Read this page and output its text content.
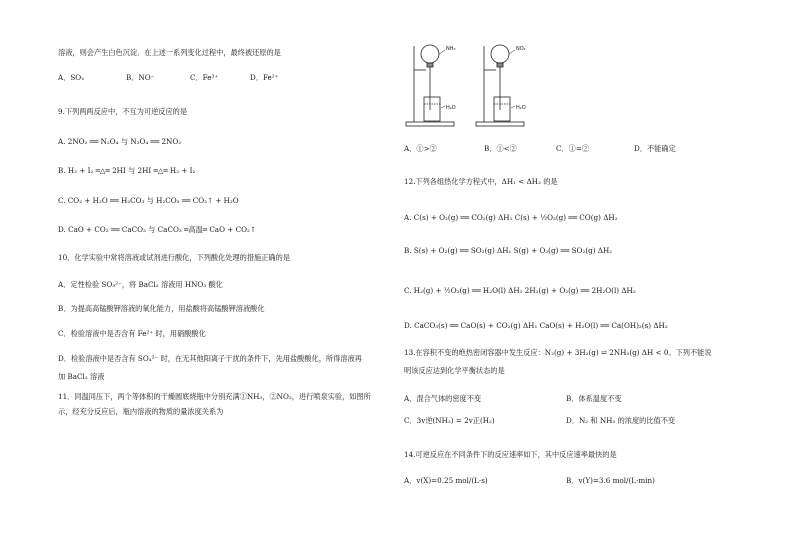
溶液，则会产生白色沉淀．在上述一系列变化过程中，最终被还原的是
A．SO₂	B．NO⁻	C．Fe³⁺	D．Fe²⁺
9.下列两两反应中，不互为可逆反应的是
A. 2NO₂ ══ N₂O₄ 与 N₂O₄ ══ 2NO₂
B. H₂ + I₂ ═△═ 2HI 与 2HI ═△═ H₂ + I₂
C. CO₂ + H₂O ══ H₂CO₃ 与 H₂CO₃ ══ CO₂↑ + H₂O
D. CaO + CO₂ ══ CaCO₃ 与 CaCO₃ ═高温═ CaO + CO₂↑
10．化学实验中常将溶液或试剂进行酸化，下列酸化处理的措施正确的是
A．定性检验 SO₃²⁻，将 BaCl₂ 溶液用 HNO₃ 酸化
B．为提高高锰酸钾溶液的氧化能力，用盐酸将高锰酸钾溶液酸化
C．检验溶液中是否含有 Fe²⁺ 时，用硝酸酸化
D．检验溶液中是否含有 SO₄²⁻ 时，在无其他阳离子干扰的条件下，先用盐酸酸化，所得溶液再
加 BaCl₂ 溶液
11．同温同压下，两个等体积的干燥圆底烧瓶中分别充满①NH₃，②NO₂，进行喷泉实验，如图所
示，经充分反应后，瓶内溶液的物质的量浓度关系为
NH₃
H₂O
NO₂
H₂O
A．①>②	B．①<②	C．①=②	D．不能确定
12.下列各组热化学方程式中，ΔH₁ < ΔH₂ 的是
A. C(s) + O₂(g) ══ CO₂(g) ΔH₁ C(s) + ½O₂(g) ══ CO(g) ΔH₂
B. S(s) + O₂(g) ══ SO₂(g) ΔH₁ S(g) + O₂(g) ══ SO₂(g) ΔH₂
C. H₂(g) + ½O₂(g) ══ H₂O(l) ΔH₁ 2H₂(g) + O₂(g) ══ 2H₂O(l) ΔH₂
D. CaCO₃(s) ══ CaO(s) + CO₂(g) ΔH₁ CaO(s) + H₂O(l) ══ Ca(OH)₂(s) ΔH₂
13.在容积不变的绝热密闭容器中发生反应：N₂(g) + 3H₂(g) ⇌ 2NH₃(g) ΔH < 0。下列不能说
明该反应达到化学平衡状态的是
A．混合气体的密度不变	B．体系温度不变
C．3v逆(NH₃) = 2v正(H₂)	D．N₂ 和 NH₃ 的浓度的比值不变
14.可逆反应在不同条件下的反应速率如下，其中反应速率最快的是
A．v(X)=0.25 mol/(L·s)	B．v(Y)=3.6 mol/(L·min)
